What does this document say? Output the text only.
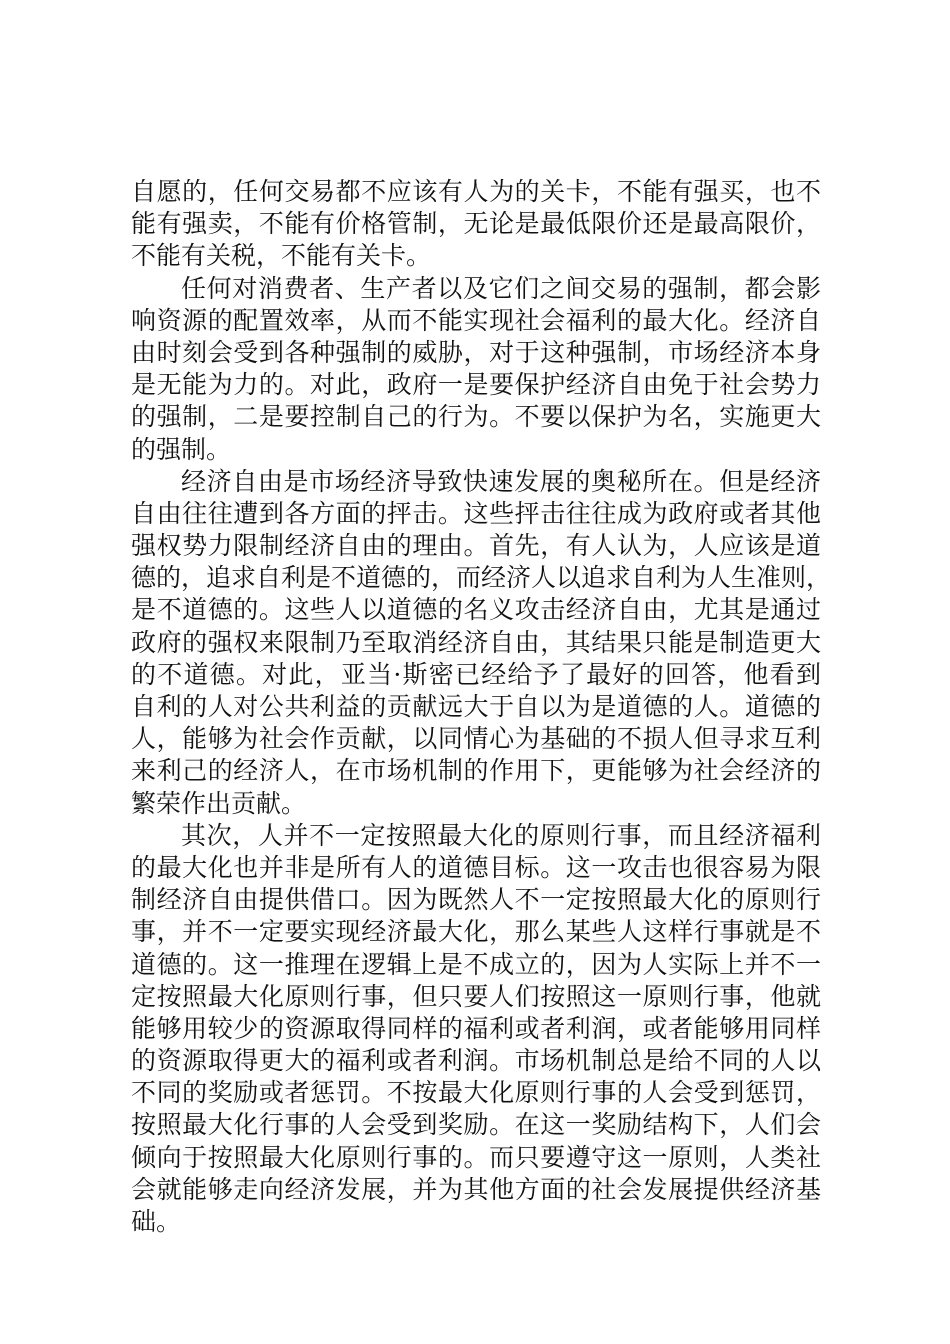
自愿的，任何交易都不应该有人为的关卡，不能有强买，也不
能有强卖，不能有价格管制，无论是最低限价还是最高限价，
不能有关税，不能有关卡。
任何对消费者、生产者以及它们之间交易的强制，都会影
响资源的配置效率，从而不能实现社会福利的最大化。经济自
由时刻会受到各种强制的威胁，对于这种强制，市场经济本身
是无能为力的。对此，政府一是要保护经济自由免于社会势力
的强制，二是要控制自己的行为。不要以保护为名，实施更大
的强制。
经济自由是市场经济导致快速发展的奥秘所在。但是经济
自由往往遭到各方面的抨击。这些抨击往往成为政府或者其他
强权势力限制经济自由的理由。首先，有人认为，人应该是道
德的，追求自利是不道德的，而经济人以追求自利为人生准则，
是不道德的。这些人以道德的名义攻击经济自由，尤其是通过
政府的强权来限制乃至取消经济自由，其结果只能是制造更大
的不道德。对此，亚当·斯密已经给予了最好的回答，他看到
自利的人对公共利益的贡献远大于自以为是道德的人。道德的
人，能够为社会作贡献，以同情心为基础的不损人但寻求互利
来利己的经济人，在市场机制的作用下，更能够为社会经济的
繁荣作出贡献。
其次，人并不一定按照最大化的原则行事，而且经济福利
的最大化也并非是所有人的道德目标。这一攻击也很容易为限
制经济自由提供借口。因为既然人不一定按照最大化的原则行
事，并不一定要实现经济最大化，那么某些人这样行事就是不
道德的。这一推理在逻辑上是不成立的，因为人实际上并不一
定按照最大化原则行事，但只要人们按照这一原则行事，他就
能够用较少的资源取得同样的福利或者利润，或者能够用同样
的资源取得更大的福利或者利润。市场机制总是给不同的人以
不同的奖励或者惩罚。不按最大化原则行事的人会受到惩罚，
按照最大化行事的人会受到奖励。在这一奖励结构下，人们会
倾向于按照最大化原则行事的。而只要遵守这一原则，人类社
会就能够走向经济发展，并为其他方面的社会发展提供经济基
础。
